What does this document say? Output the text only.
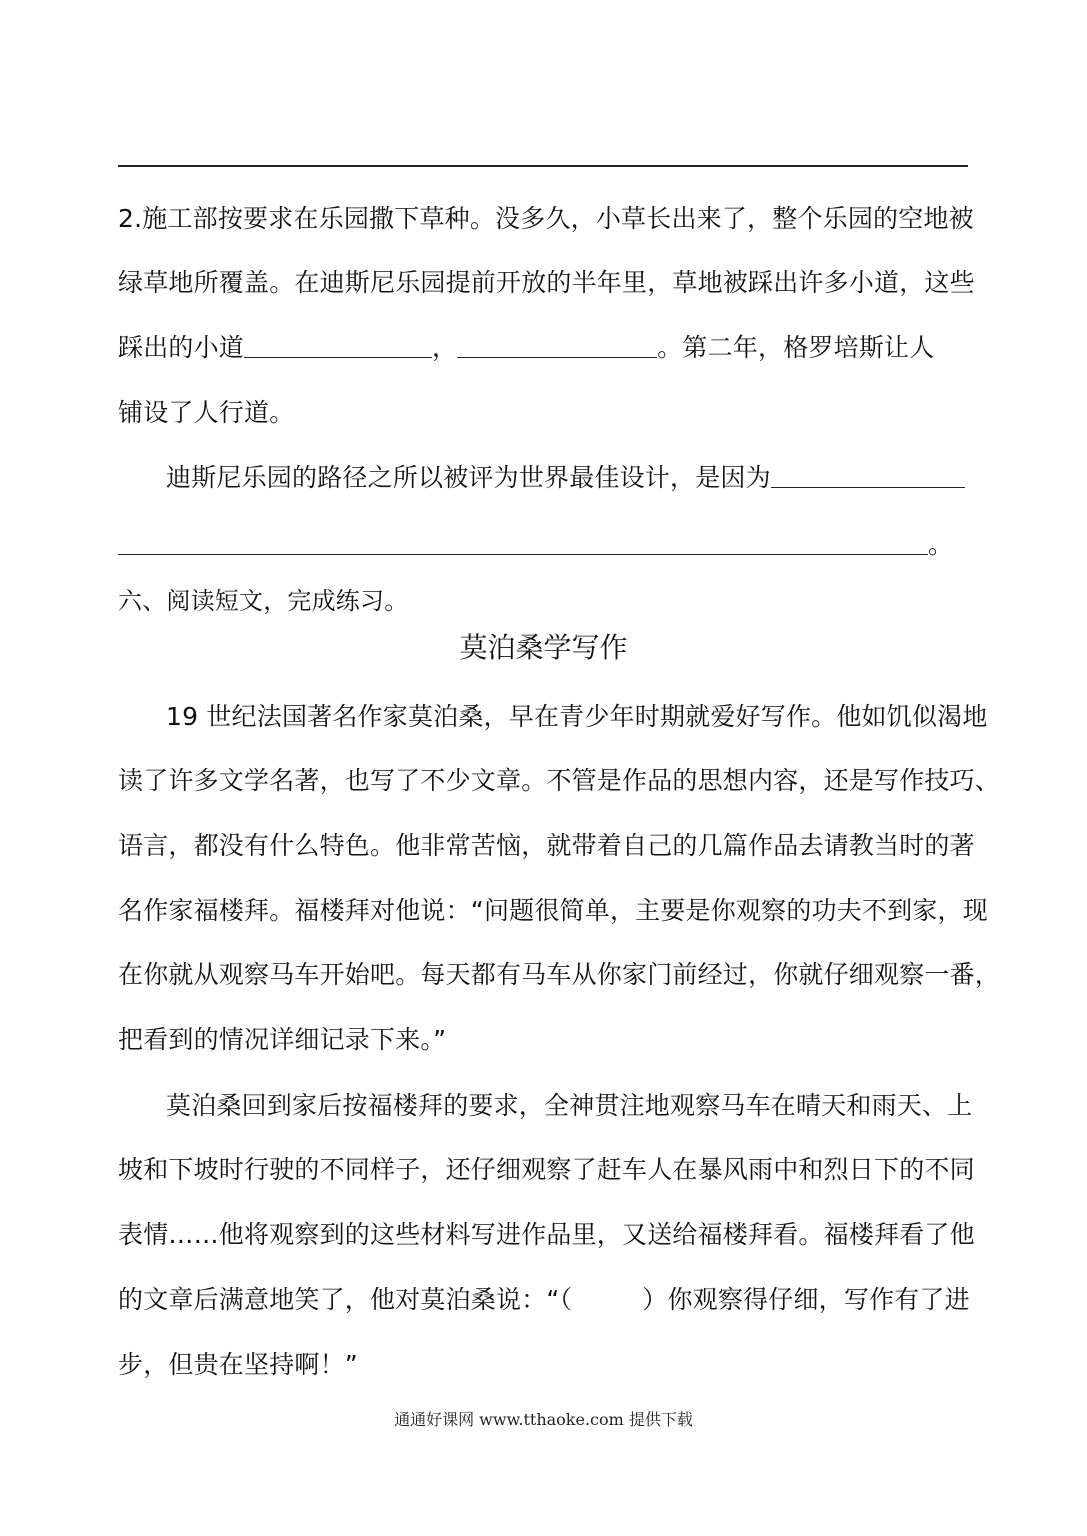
2.施工部按要求在乐园撒下草种。没多久，小草长出来了，整个乐园的空地被
绿草地所覆盖。在迪斯尼乐园提前开放的半年里，草地被踩出许多小道，这些
踩出的小道	，	。第二年，格罗培斯让人
铺设了人行道。
迪斯尼乐园的路径之所以被评为世界最佳设计，是因为
。
六、阅读短文，完成练习。
莫泊桑学写作
19 世纪法国著名作家莫泊桑，早在青少年时期就爱好写作。他如饥似渴地
读了许多文学名著，也写了不少文章。不管是作品的思想内容，还是写作技巧、
语言，都没有什么特色。他非常苦恼，就带着自己的几篇作品去请教当时的著
名作家福楼拜。福楼拜对他说：“问题很简单，主要是你观察的功夫不到家，现
在你就从观察马车开始吧。每天都有马车从你家门前经过，你就仔细观察一番，
把看到的情况详细记录下来。”
莫泊桑回到家后按福楼拜的要求，全神贯注地观察马车在晴天和雨天、上
坡和下坡时行驶的不同样子，还仔细观察了赶车人在暴风雨中和烈日下的不同
表情……他将观察到的这些材料写进作品里，又送给福楼拜看。福楼拜看了他
的文章后满意地笑了，他对莫泊桑说：“（	）你观察得仔细，写作有了进
步，但贵在坚持啊！”
通通好课网 www.tthaoke.com 提供下载
